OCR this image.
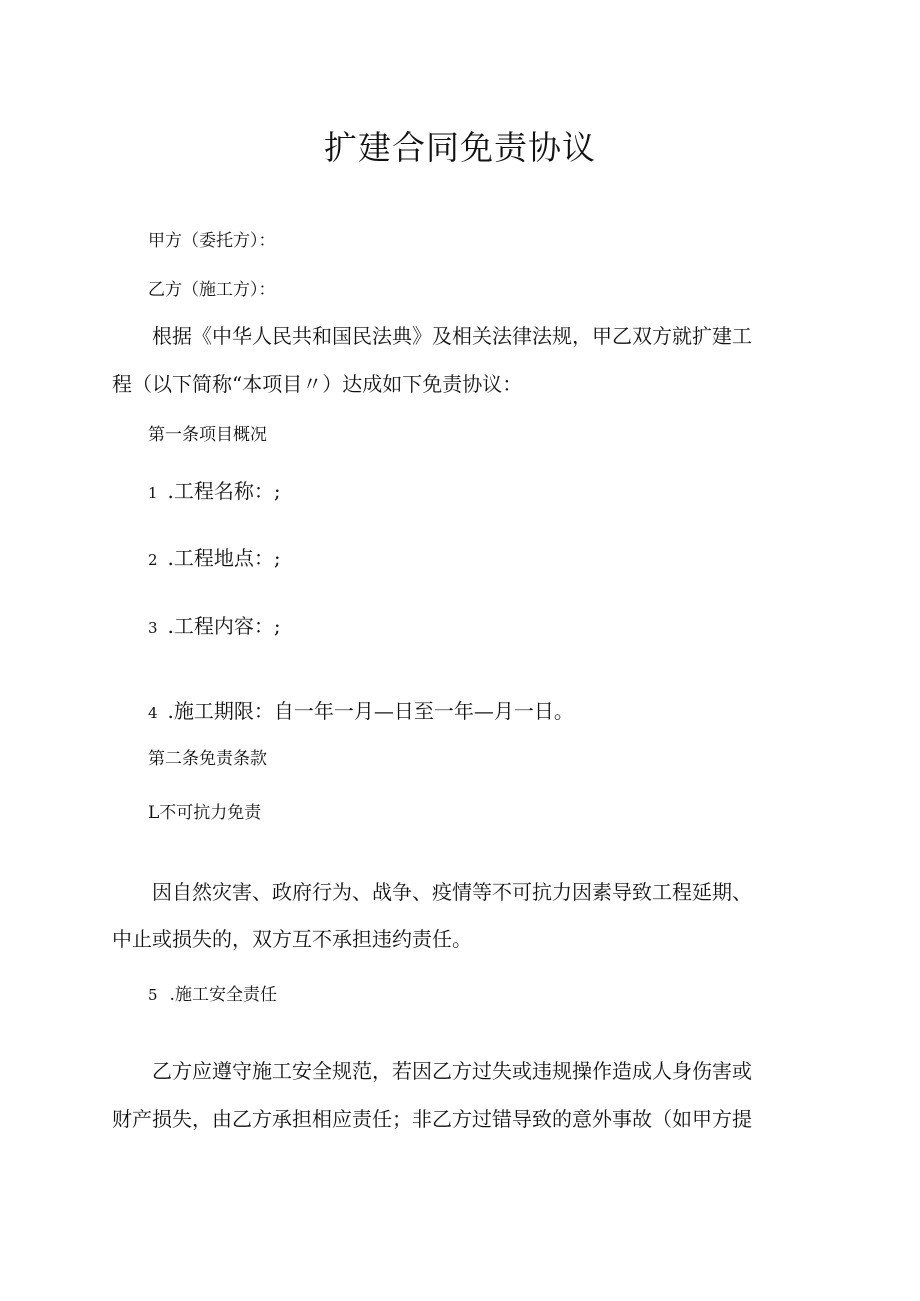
扩建合同免责协议
甲方（委托方）：
乙方（施工方）：
根据《中华人民共和国民法典》及相关法律法规，甲乙双方就扩建工
程（以下简称“本项目〃）达成如下免责协议：
第一条项目概况
1 .工程名称：;
2 .工程地点：;
3 .工程内容：;
4 .施工期限：自一年一月—日至一年—月一日。
第二条免责条款
L不可抗力免责
因自然灾害、政府行为、战争、疫情等不可抗力因素导致工程延期、
中止或损失的，双方互不承担违约责任。
5 .施工安全责任
乙方应遵守施工安全规范，若因乙方过失或违规操作造成人身伤害或
财产损失，由乙方承担相应责任；非乙方过错导致的意外事故（如甲方提
